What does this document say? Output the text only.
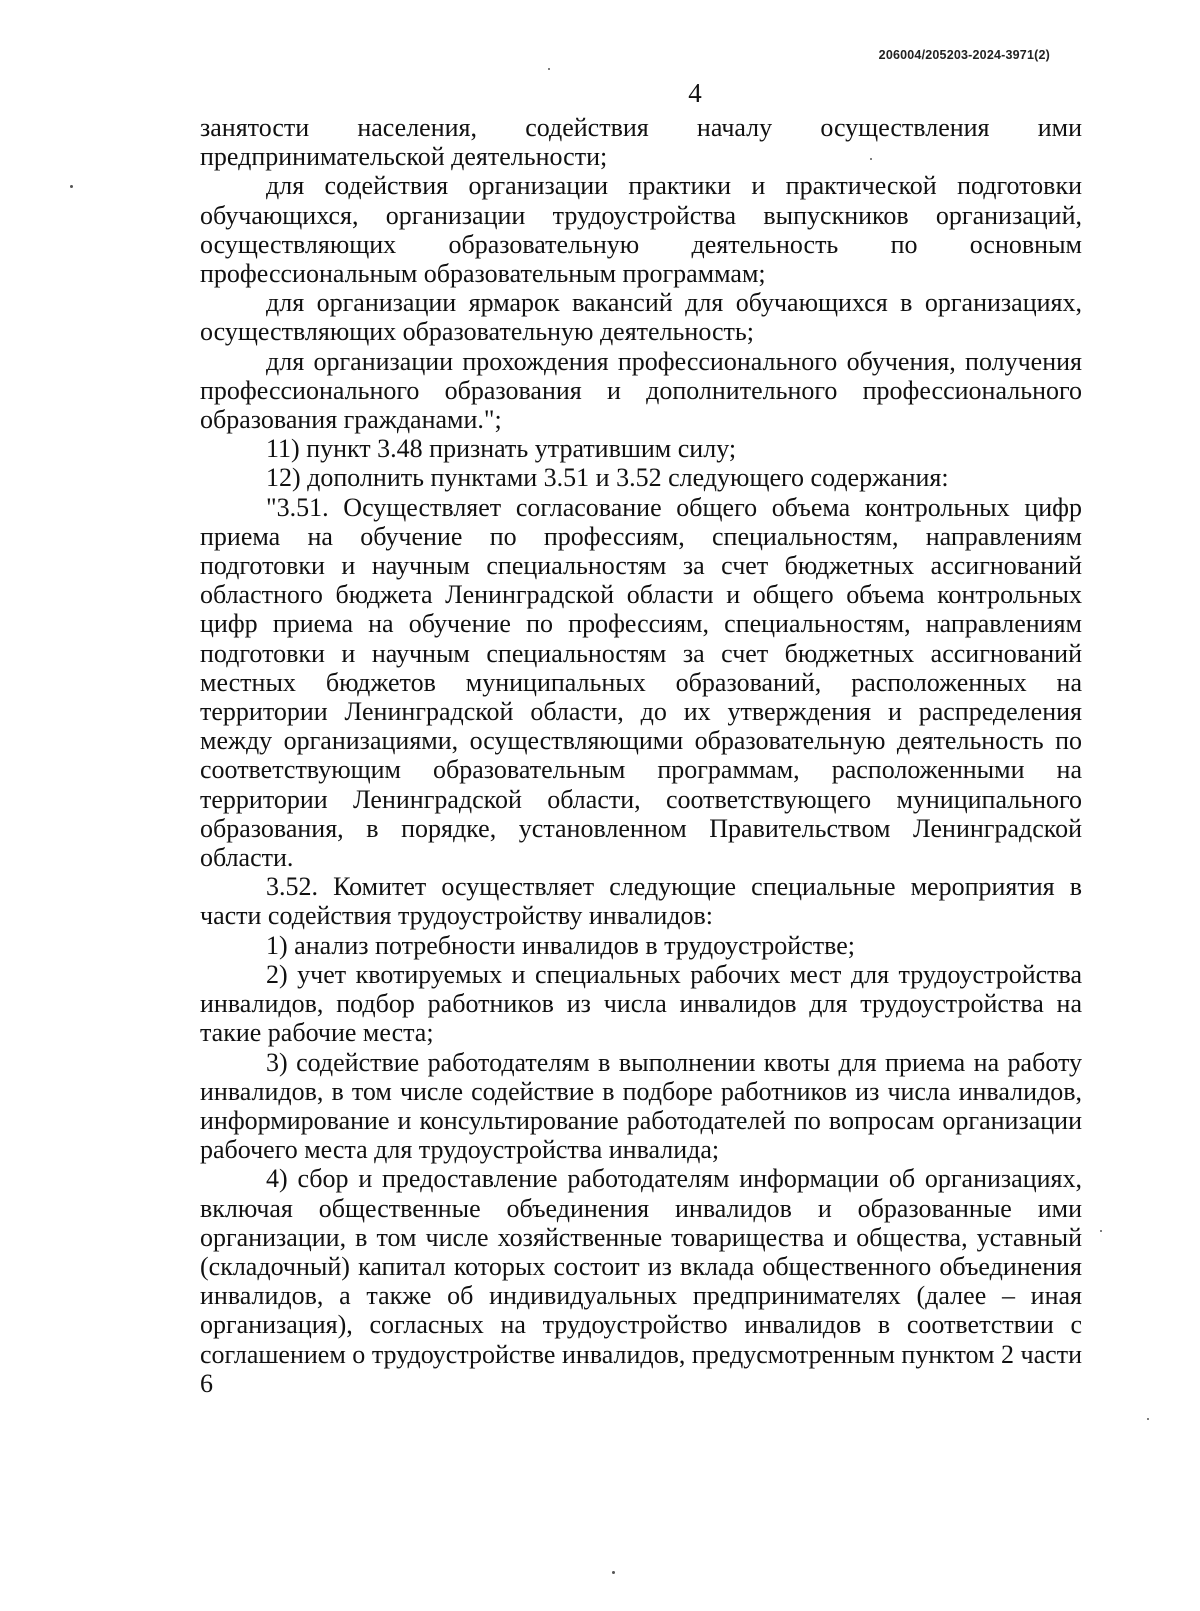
206004/205203-2024-3971(2)
4

занятости населения, содействия началу осуществления ими предпринимательской деятельности;

для содействия организации практики и практической подготовки обучающихся, организации трудоустройства выпускников организаций, осуществляющих образовательную деятельность по основным профессиональным образовательным программам;

для организации ярмарок вакансий для обучающихся в организациях, осуществляющих образовательную деятельность;

для организации прохождения профессионального обучения, получения профессионального образования и дополнительного профессионального образования гражданами.";

11) пункт 3.48 признать утратившим силу;

12) дополнить пунктами 3.51 и 3.52 следующего содержания:

"3.51. Осуществляет согласование общего объема контрольных цифр приема на обучение по профессиям, специальностям, направлениям подготовки и научным специальностям за счет бюджетных ассигнований областного бюджета Ленинградской области и общего объема контрольных цифр приема на обучение по профессиям, специальностям, направлениям подготовки и научным специальностям за счет бюджетных ассигнований местных бюджетов муниципальных образований, расположенных на территории Ленинградской области, до их утверждения и распределения между организациями, осуществляющими образовательную деятельность по соответствующим образовательным программам, расположенными на территории Ленинградской области, соответствующего муниципального образования, в порядке, установленном Правительством Ленинградской области.

3.52. Комитет осуществляет следующие специальные мероприятия в части содействия трудоустройству инвалидов:

1) анализ потребности инвалидов в трудоустройстве;

2) учет квотируемых и специальных рабочих мест для трудоустройства инвалидов, подбор работников из числа инвалидов для трудоустройства на такие рабочие места;

3) содействие работодателям в выполнении квоты для приема на работу инвалидов, в том числе содействие в подборе работников из числа инвалидов, информирование и консультирование работодателей по вопросам организации рабочего места для трудоустройства инвалида;

4) сбор и предоставление работодателям информации об организациях, включая общественные объединения инвалидов и образованные ими организации, в том числе хозяйственные товарищества и общества, уставный (складочный) капитал которых состоит из вклада общественного объединения инвалидов, а также об индивидуальных предпринимателях (далее – иная организация), согласных на трудоустройство инвалидов в соответствии с соглашением о трудоустройстве инвалидов, предусмотренным пунктом 2 части 6
